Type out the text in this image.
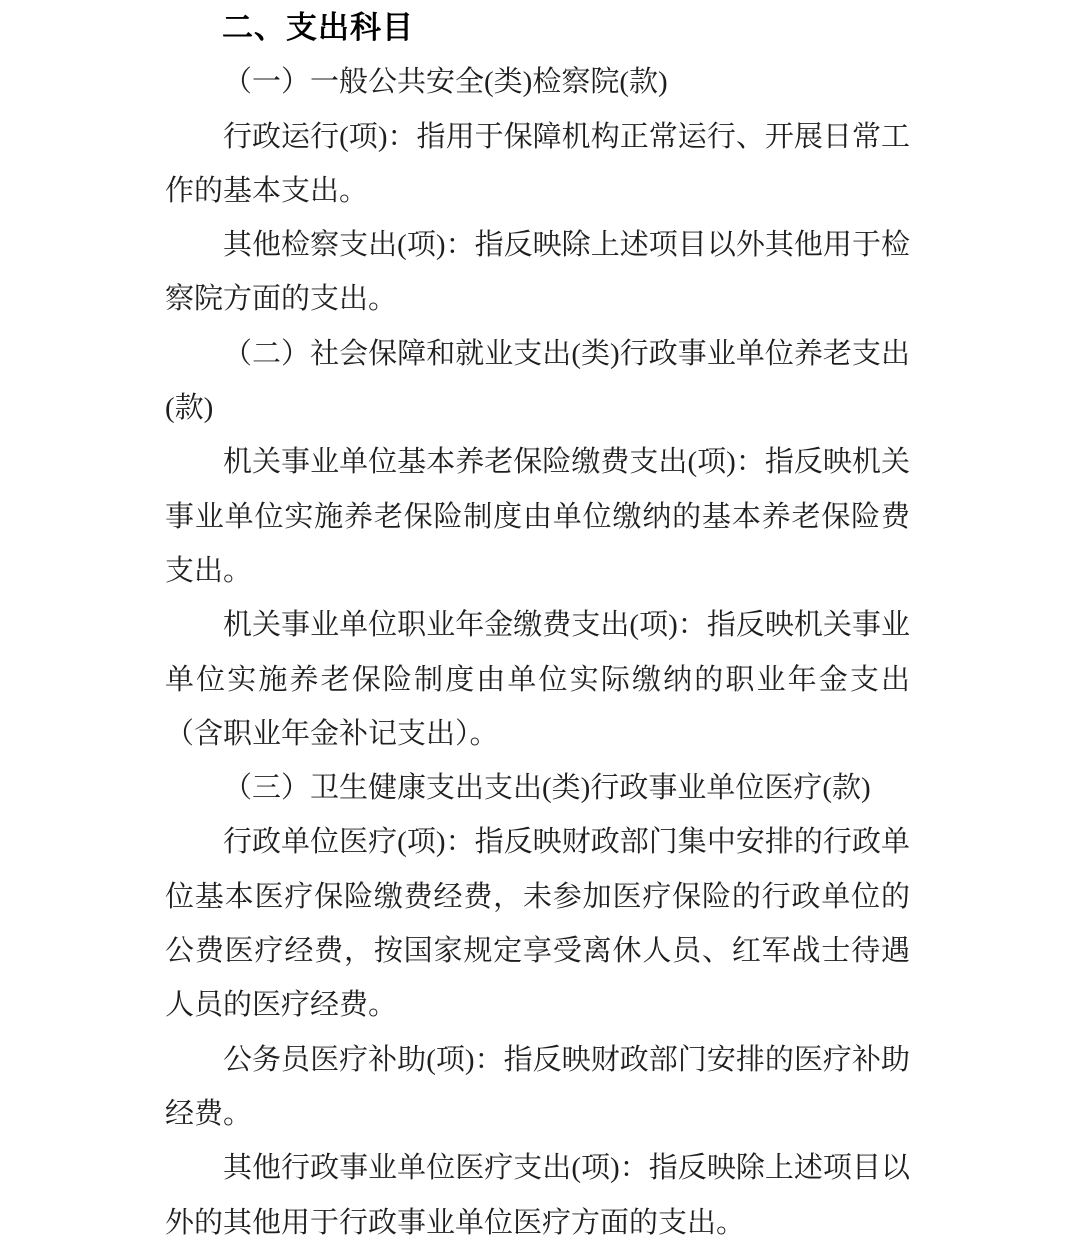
二、支出科目

（一）一般公共安全(类)检察院(款)

行政运行(项)：指用于保障机构正常运行、开展日常工作的基本支出。

其他检察支出(项)：指反映除上述项目以外其他用于检察院方面的支出。

（二）社会保障和就业支出(类)行政事业单位养老支出(款)

机关事业单位基本养老保险缴费支出(项)：指反映机关事业单位实施养老保险制度由单位缴纳的基本养老保险费支出。

机关事业单位职业年金缴费支出(项)：指反映机关事业单位实施养老保险制度由单位实际缴纳的职业年金支出（含职业年金补记支出）。

（三）卫生健康支出支出(类)行政事业单位医疗(款)

行政单位医疗(项)：指反映财政部门集中安排的行政单位基本医疗保险缴费经费，未参加医疗保险的行政单位的公费医疗经费，按国家规定享受离休人员、红军战士待遇人员的医疗经费。

公务员医疗补助(项)：指反映财政部门安排的医疗补助经费。

其他行政事业单位医疗支出(项)：指反映除上述项目以外的其他用于行政事业单位医疗方面的支出。
